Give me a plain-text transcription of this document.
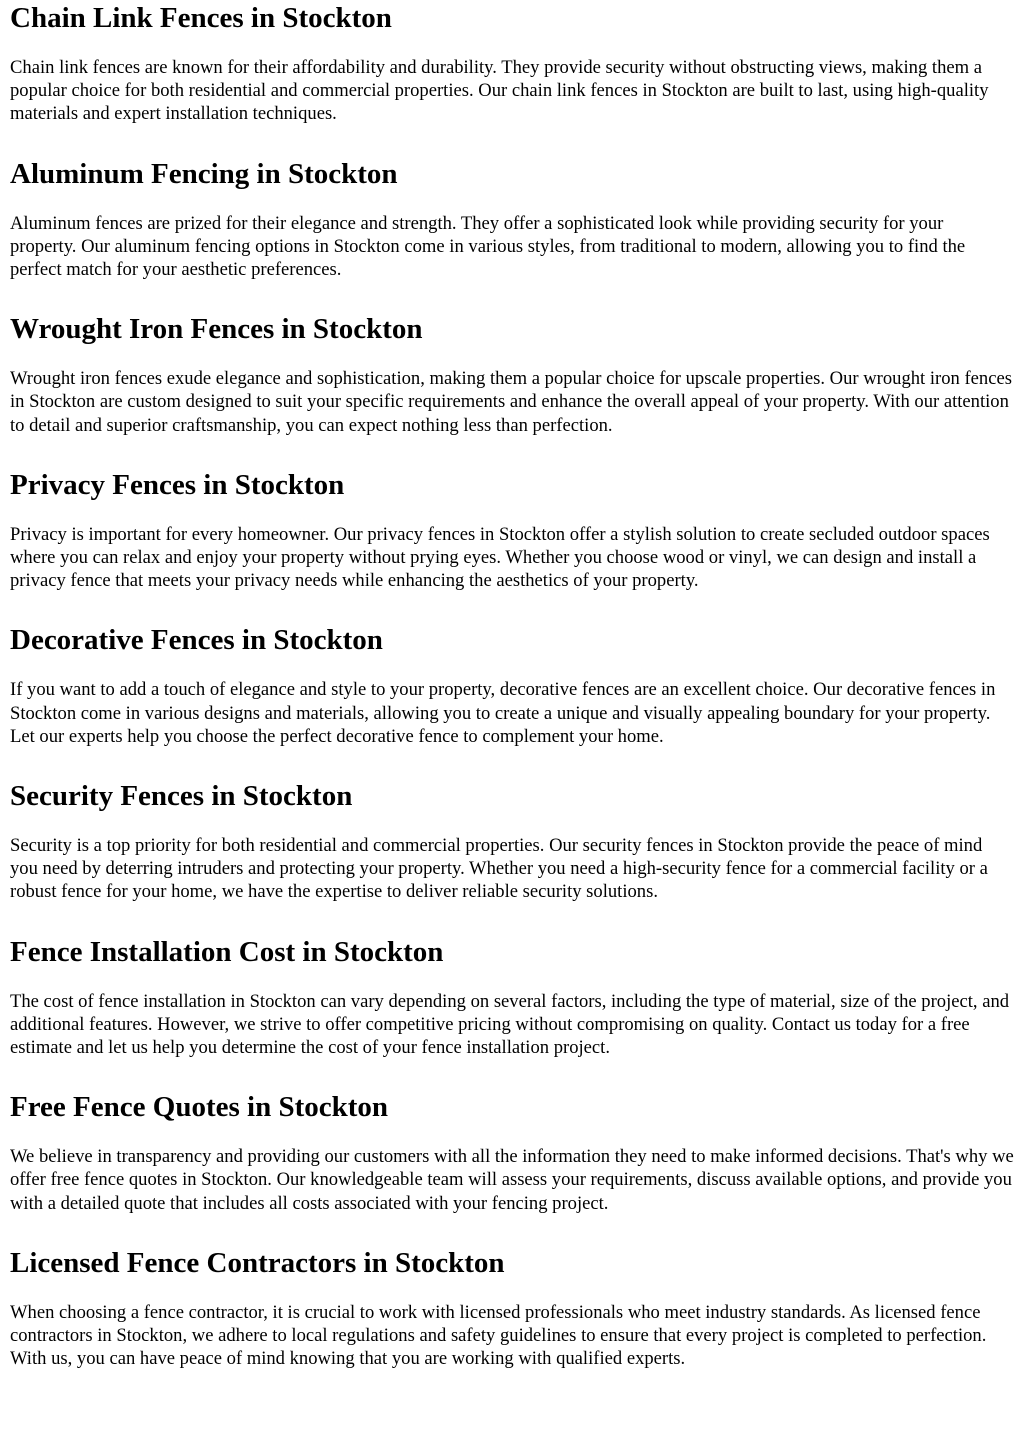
Chain Link Fences in Stockton

Chain link fences are known for their affordability and durability. They provide security without obstructing views, making them a popular choice for both residential and commercial properties. Our chain link fences in Stockton are built to last, using high-quality materials and expert installation techniques.

Aluminum Fencing in Stockton

Aluminum fences are prized for their elegance and strength. They offer a sophisticated look while providing security for your property. Our aluminum fencing options in Stockton come in various styles, from traditional to modern, allowing you to find the perfect match for your aesthetic preferences.

Wrought Iron Fences in Stockton

Wrought iron fences exude elegance and sophistication, making them a popular choice for upscale properties. Our wrought iron fences in Stockton are custom designed to suit your specific requirements and enhance the overall appeal of your property. With our attention to detail and superior craftsmanship, you can expect nothing less than perfection.

Privacy Fences in Stockton

Privacy is important for every homeowner. Our privacy fences in Stockton offer a stylish solution to create secluded outdoor spaces where you can relax and enjoy your property without prying eyes. Whether you choose wood or vinyl, we can design and install a privacy fence that meets your privacy needs while enhancing the aesthetics of your property.

Decorative Fences in Stockton

If you want to add a touch of elegance and style to your property, decorative fences are an excellent choice. Our decorative fences in Stockton come in various designs and materials, allowing you to create a unique and visually appealing boundary for your property. Let our experts help you choose the perfect decorative fence to complement your home.

Security Fences in Stockton

Security is a top priority for both residential and commercial properties. Our security fences in Stockton provide the peace of mind you need by deterring intruders and protecting your property. Whether you need a high-security fence for a commercial facility or a robust fence for your home, we have the expertise to deliver reliable security solutions.

Fence Installation Cost in Stockton

The cost of fence installation in Stockton can vary depending on several factors, including the type of material, size of the project, and additional features. However, we strive to offer competitive pricing without compromising on quality. Contact us today for a free estimate and let us help you determine the cost of your fence installation project.

Free Fence Quotes in Stockton

We believe in transparency and providing our customers with all the information they need to make informed decisions. That's why we offer free fence quotes in Stockton. Our knowledgeable team will assess your requirements, discuss available options, and provide you with a detailed quote that includes all costs associated with your fencing project.

Licensed Fence Contractors in Stockton

When choosing a fence contractor, it is crucial to work with licensed professionals who meet industry standards. As licensed fence contractors in Stockton, we adhere to local regulations and safety guidelines to ensure that every project is completed to perfection. With us, you can have peace of mind knowing that you are working with qualified experts.
